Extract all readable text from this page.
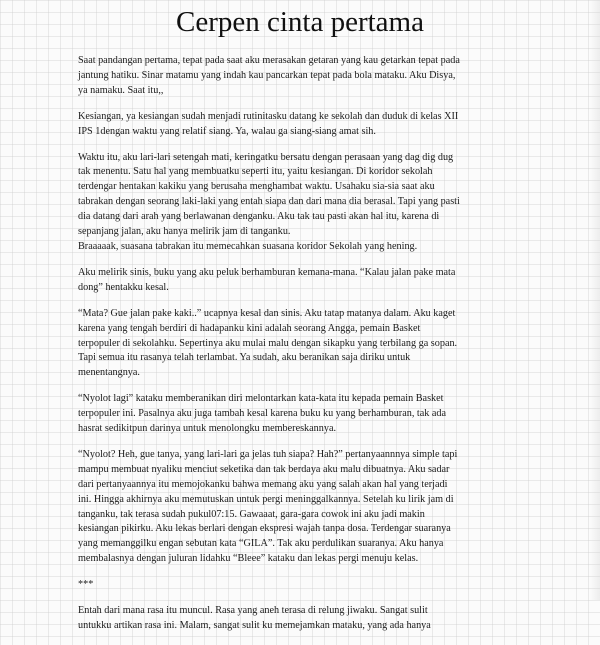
Cerpen cinta pertama

Saat pandangan pertama, tepat pada saat aku merasakan getaran yang kau getarkan tepat pada
jantung hatiku. Sinar matamu yang indah kau pancarkan tepat pada bola mataku. Aku Disya,
ya namaku. Saat itu,,

Kesiangan, ya kesiangan sudah menjadi rutinitasku datang ke sekolah dan duduk di kelas XII
IPS 1dengan waktu yang relatif siang. Ya, walau ga siang-siang amat sih.

Waktu itu, aku lari-lari setengah mati, keringatku bersatu dengan perasaan yang dag dig dug
tak menentu. Satu hal yang membuatku seperti itu, yaitu kesiangan. Di koridor sekolah
terdengar hentakan kakiku yang berusaha menghambat waktu. Usahaku sia-sia saat aku
tabrakan dengan seorang laki-laki yang entah siapa dan dari mana dia berasal. Tapi yang pasti
dia datang dari arah yang berlawanan denganku. Aku tak tau pasti akan hal itu, karena di
sepanjang jalan, aku hanya melirik jam di tanganku.
Braaaaak, suasana tabrakan itu memecahkan suasana koridor Sekolah yang hening.

Aku melirik sinis, buku yang aku peluk berhamburan kemana-mana. “Kalau jalan pake mata
dong” hentakku kesal.

“Mata? Gue jalan pake kaki..” ucapnya kesal dan sinis. Aku tatap matanya dalam. Aku kaget
karena yang tengah berdiri di hadapanku kini adalah seorang Angga, pemain Basket
terpopuler di sekolahku. Sepertinya aku mulai malu dengan sikapku yang terbilang ga sopan.
Tapi semua itu rasanya telah terlambat. Ya sudah, aku beranikan saja diriku untuk
menentangnya.

“Nyolot lagi” kataku memberanikan diri melontarkan kata-kata itu kepada pemain Basket
terpopuler ini. Pasalnya aku juga tambah kesal karena buku ku yang berhamburan, tak ada
hasrat sedikitpun darinya untuk menolongku membereskannya.

“Nyolot? Heh, gue tanya, yang lari-lari ga jelas tuh siapa? Hah?” pertanyaannnya simple tapi
mampu membuat nyaliku menciut seketika dan tak berdaya aku malu dibuatnya. Aku sadar
dari pertanyaannya itu memojokanku bahwa memang aku yang salah akan hal yang terjadi
ini. Hingga akhirnya aku memutuskan untuk pergi meninggalkannya. Setelah ku lirik jam di
tanganku, tak terasa sudah pukul07:15. Gawaaat, gara-gara cowok ini aku jadi makin
kesiangan pikirku. Aku lekas berlari dengan ekspresi wajah tanpa dosa. Terdengar suaranya
yang memanggilku engan sebutan kata “GILA”. Tak aku perdulikan suaranya. Aku hanya
membalasnya dengan juluran lidahku “Bleee” kataku dan lekas pergi menuju kelas.

***

Entah dari mana rasa itu muncul. Rasa yang aneh terasa di relung jiwaku. Sangat sulit
untukku artikan rasa ini. Malam, sangat sulit ku memejamkan mataku, yang ada hanya
